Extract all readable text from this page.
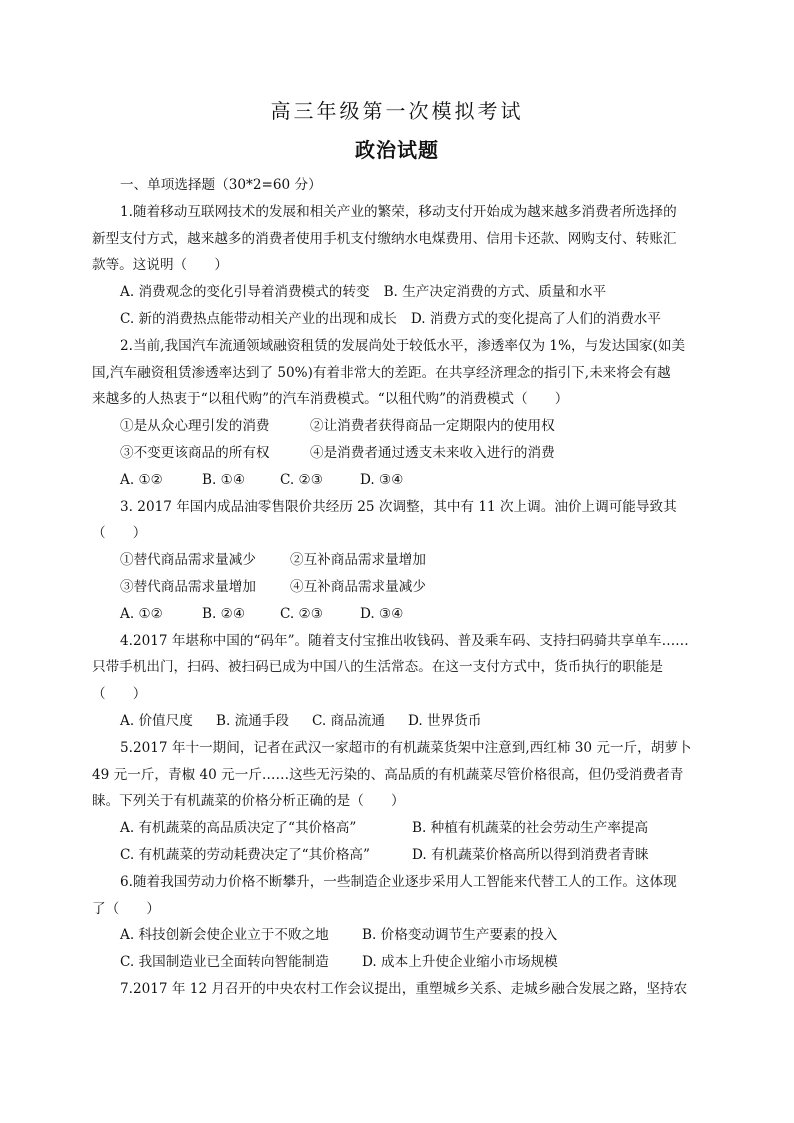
高三年级第一次模拟考试
政治试题
一、单项选择题（30*2=60 分）
1.随着移动互联网技术的发展和相关产业的繁荣，移动支付开始成为越来越多消费者所选择的
新型支付方式，越来越多的消费者使用手机支付缴纳水电煤费用、信用卡还款、网购支付、转账汇
款等。这说明（　　）
A. 消费观念的变化引导着消费模式的转变 B. 生产决定消费的方式、质量和水平
C. 新的消费热点能带动相关产业的出现和成长 D. 消费方式的变化提高了人们的消费水平
2.当前,我国汽车流通领域融资租赁的发展尚处于较低水平，渗透率仅为 1%，与发达国家(如美
国,汽车融资租赁渗透率达到了 50%)有着非常大的差距。在共享经济理念的指引下,未来将会有越
来越多的人热衷于“以租代购”的汽车消费模式。“以租代购”的消费模式（　　）
①是从众心理引发的消费	②让消费者获得商品一定期限内的使用权
③不变更该商品的所有权	④是消费者通过透支未来收入进行的消费
A. ①②	B. ①④	C. ②③	D. ③④
3. 2017 年国内成品油零售限价共经历 25 次调整，其中有 11 次上调。油价上调可能导致其
（　　）
①替代商品需求量减少	②互补商品需求量增加
③替代商品需求量增加	④互补商品需求量减少
A. ①②	B. ②④	C. ②③	D. ③④
4.2017 年堪称中国的“码年”。随着支付宝推出收钱码、普及乘车码、支持扫码骑共享单车……
只带手机出门，扫码、被扫码已成为中国八的生活常态。在这一支付方式中，货币执行的职能是
（　　）
A. 价值尺度 B. 流通手段 C. 商品流通 D. 世界货币
5.2017 年十一期间，记者在武汉一家超市的有机蔬菜货架中注意到,西红柿 30 元一斤，胡萝卜
49 元一斤，青椒 40 元一斤……这些无污染的、高品质的有机蔬菜尽管价格很高，但仍受消费者青
睐。下列关于有机蔬菜的价格分析正确的是（　　）
A. 有机蔬菜的高品质决定了“其价格高”	B. 种植有机蔬菜的社会劳动生产率提高
C. 有机蔬菜的劳动耗费决定了“其价格高”	D. 有机蔬菜价格高所以得到消费者青睐
6.随着我国劳动力价格不断攀升，一些制造企业逐步采用人工智能来代替工人的工作。这体现
了（　　）
A. 科技创新会使企业立于不败之地 B. 价格变动调节生产要素的投入
C. 我国制造业已全面转向智能制造 D. 成本上升使企业缩小市场规模
7.2017 年 12 月召开的中央农村工作会议提出，重塑城乡关系、走城乡融合发展之路，坚持农
